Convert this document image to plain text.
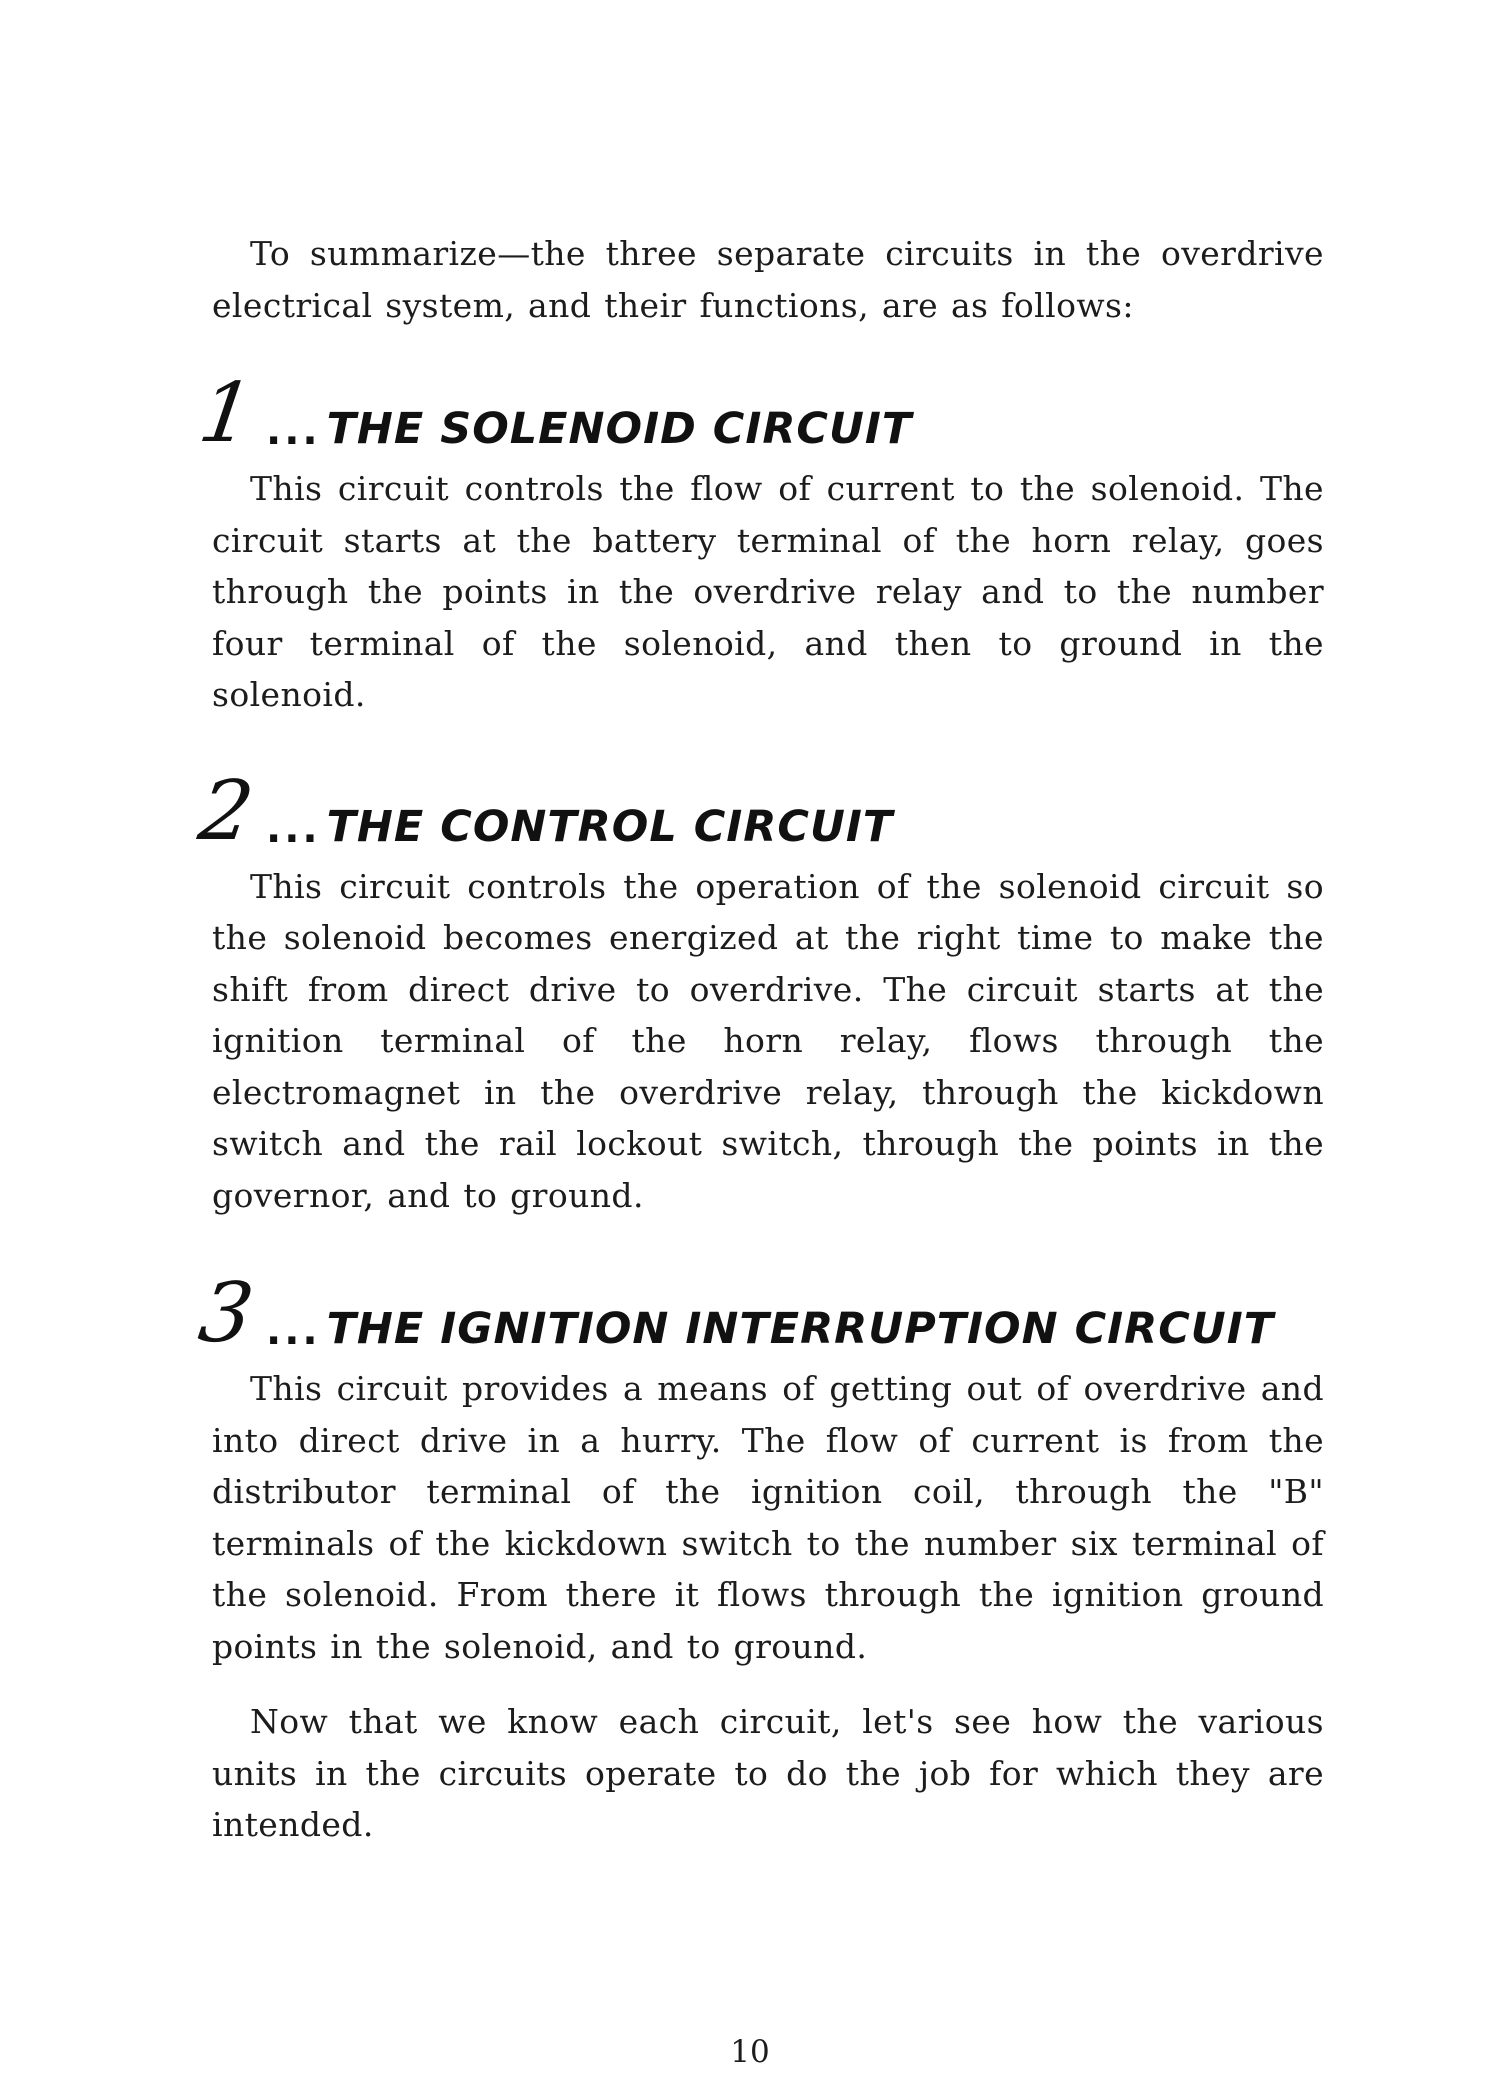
To summarize—the three separate circuits in the overdrive electrical system, and their functions, are as follows:

1 ... THE SOLENOID CIRCUIT

This circuit controls the flow of current to the solenoid. The circuit starts at the battery terminal of the horn relay, goes through the points in the overdrive relay and to the number four terminal of the solenoid, and then to ground in the solenoid.

2 ... THE CONTROL CIRCUIT

This circuit controls the operation of the solenoid circuit so the solenoid becomes energized at the right time to make the shift from direct drive to overdrive. The circuit starts at the ignition terminal of the horn relay, flows through the electromagnet in the overdrive relay, through the kickdown switch and the rail lockout switch, through the points in the governor, and to ground.

3 ... THE IGNITION INTERRUPTION CIRCUIT

This circuit provides a means of getting out of overdrive and into direct drive in a hurry. The flow of current is from the distributor terminal of the ignition coil, through the "B" terminals of the kickdown switch to the number six terminal of the solenoid. From there it flows through the ignition ground points in the solenoid, and to ground.

Now that we know each circuit, let's see how the various units in the circuits operate to do the job for which they are intended.

10
